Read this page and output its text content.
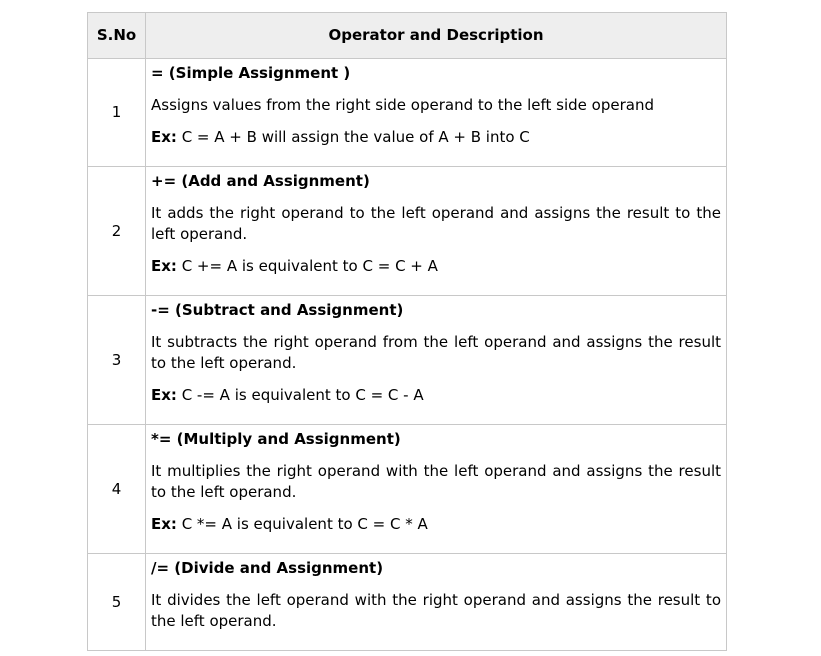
S.No	Operator and Description
1	= (Simple Assignment )

Assigns values from the right side operand to the left side operand

Ex: C = A + B will assign the value of A + B into C

2	+= (Add and Assignment)

It adds the right operand to the left operand and assigns the result to the left operand.

Ex: C += A is equivalent to C = C + A

3	-= (Subtract and Assignment)

It subtracts the right operand from the left operand and assigns the result to the left operand.

Ex: C -= A is equivalent to C = C - A

4	*= (Multiply and Assignment)

It multiplies the right operand with the left operand and assigns the result to the left operand.

Ex: C *= A is equivalent to C = C * A

5	/= (Divide and Assignment)

It divides the left operand with the right operand and assigns the result to the left operand.
